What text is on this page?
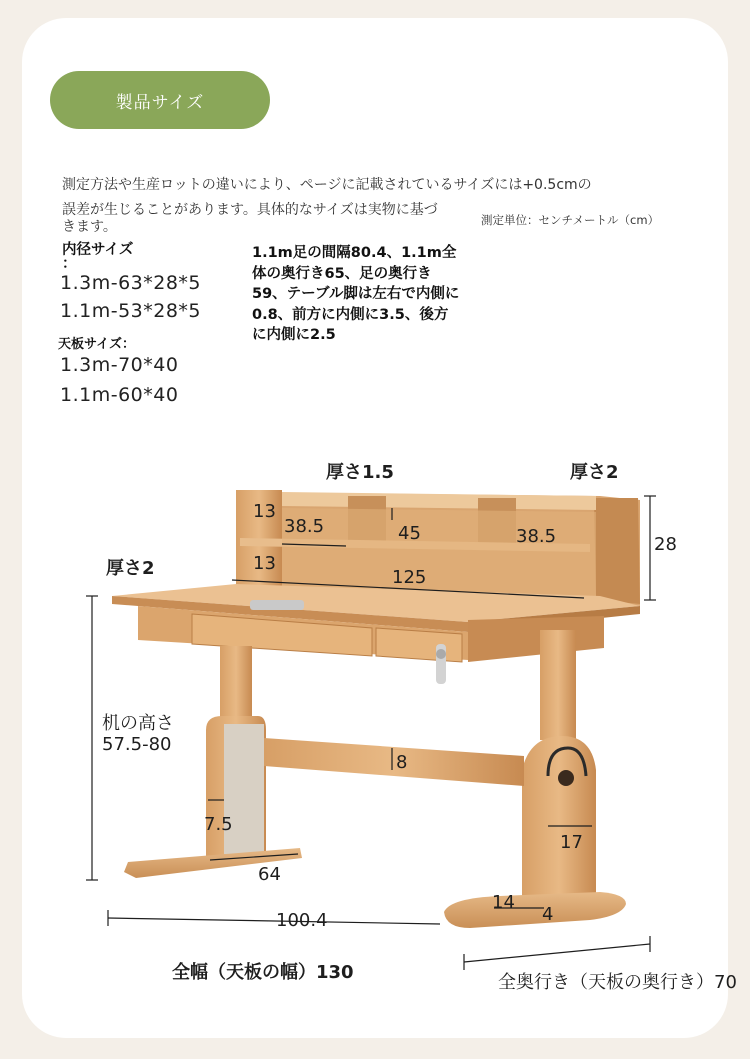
製品サイズ
測定方法や生産ロットの違いにより、ページに記載されているサイズには+0.5cmの
誤差が生じることがあります。具体的なサイズは実物に基づきます。	測定単位：センチメートル（cm）
内径サイズ
：
1.3m-63*28*5
1.1m-53*28*5
天板サイズ：
1.3m-70*40
1.1m-60*40
1.1m足の間隔80.4、1.1m全体の奥行き65、足の奥行き59、テーブル脚は左右で内側に0.8、前方に内側に3.5、後方に内側に2.5
厚さ1.5	厚さ2
厚さ2
13
13
38.5	45	38.5
125
28
机の高さ
57.5-80
8
7.5
64
17
14
4
100.4
全幅（天板の幅）130	全奥行き（天板の奥行き）70
